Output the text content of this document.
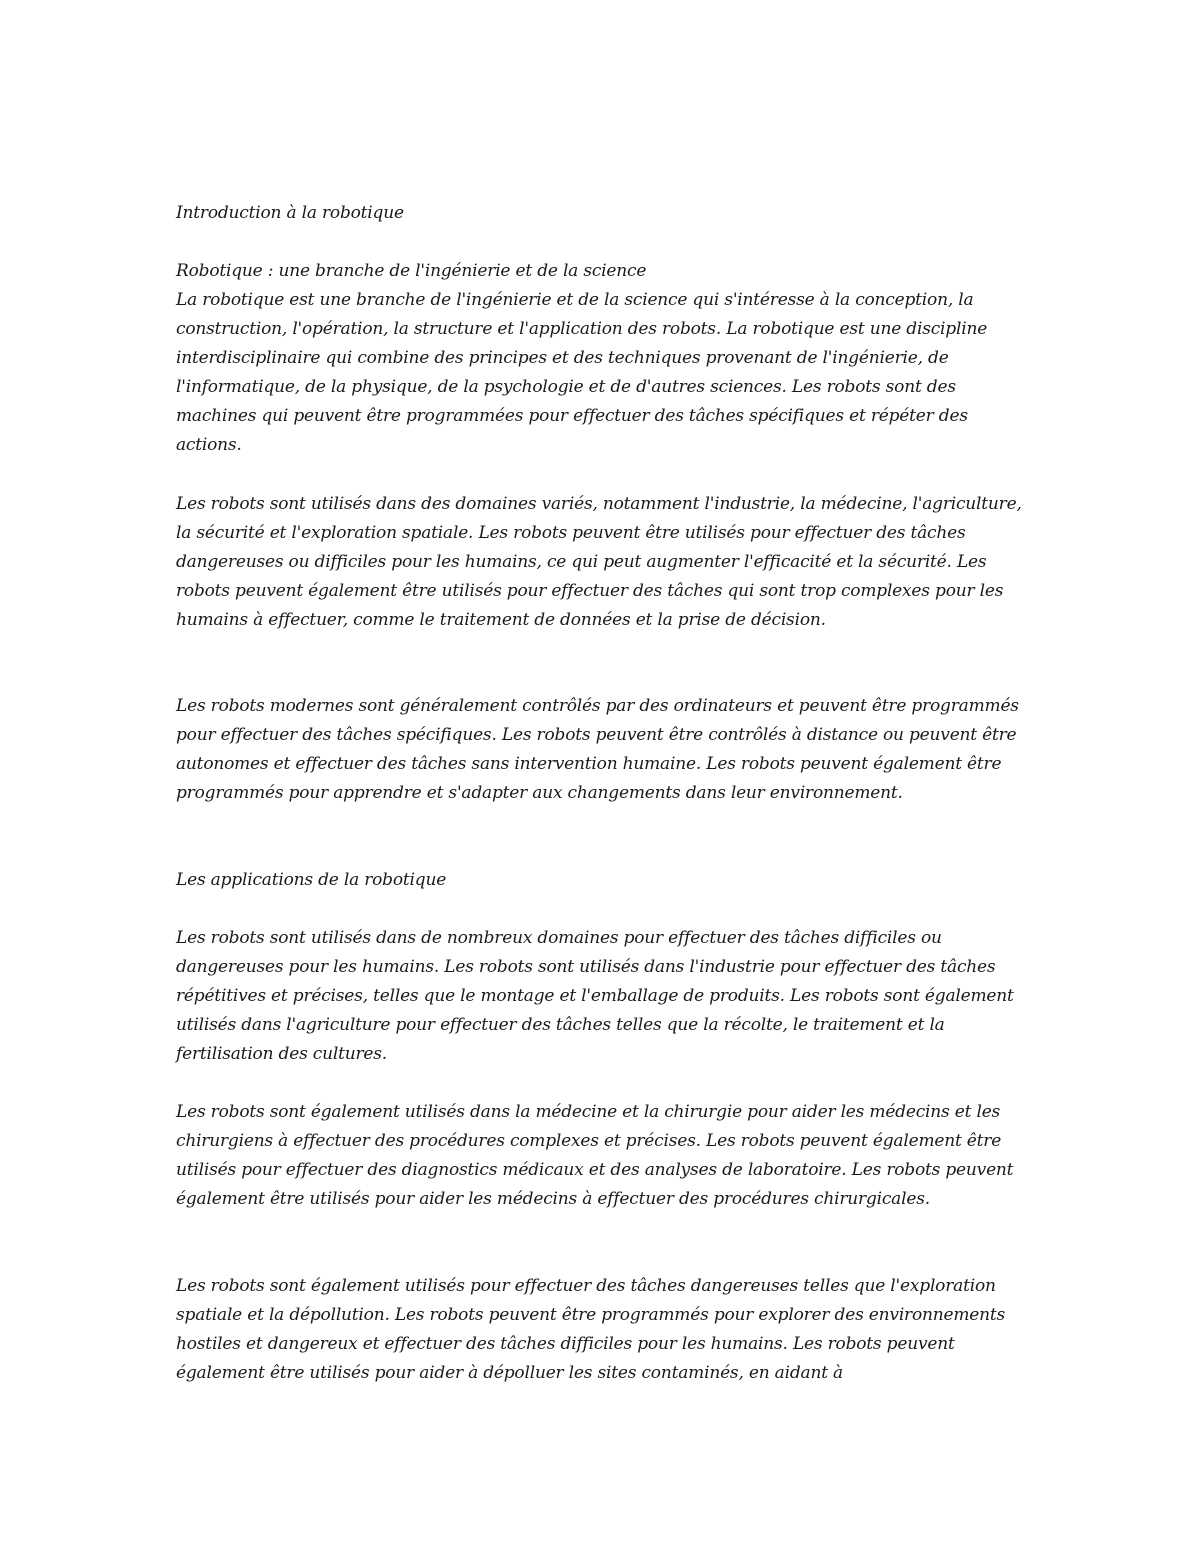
Introduction à la robotique

Robotique : une branche de l'ingénierie et de la science

La robotique est une branche de l'ingénierie et de la science qui s'intéresse à la conception, la construction, l'opération, la structure et l'application des robots. La robotique est une discipline interdisciplinaire qui combine des principes et des techniques provenant de l'ingénierie, de l'informatique, de la physique, de la psychologie et de d'autres sciences. Les robots sont des machines qui peuvent être programmées pour effectuer des tâches spécifiques et répéter des actions.

Les robots sont utilisés dans des domaines variés, notamment l'industrie, la médecine, l'agriculture, la sécurité et l'exploration spatiale. Les robots peuvent être utilisés pour effectuer des tâches dangereuses ou difficiles pour les humains, ce qui peut augmenter l'efficacité et la sécurité. Les robots peuvent également être utilisés pour effectuer des tâches qui sont trop complexes pour les humains à effectuer, comme le traitement de données et la prise de décision.

Les robots modernes sont généralement contrôlés par des ordinateurs et peuvent être programmés pour effectuer des tâches spécifiques. Les robots peuvent être contrôlés à distance ou peuvent être autonomes et effectuer des tâches sans intervention humaine. Les robots peuvent également être programmés pour apprendre et s'adapter aux changements dans leur environnement.

Les applications de la robotique

Les robots sont utilisés dans de nombreux domaines pour effectuer des tâches difficiles ou dangereuses pour les humains. Les robots sont utilisés dans l'industrie pour effectuer des tâches répétitives et précises, telles que le montage et l'emballage de produits. Les robots sont également utilisés dans l'agriculture pour effectuer des tâches telles que la récolte, le traitement et la fertilisation des cultures.

Les robots sont également utilisés dans la médecine et la chirurgie pour aider les médecins et les chirurgiens à effectuer des procédures complexes et précises. Les robots peuvent également être utilisés pour effectuer des diagnostics médicaux et des analyses de laboratoire. Les robots peuvent également être utilisés pour aider les médecins à effectuer des procédures chirurgicales.

Les robots sont également utilisés pour effectuer des tâches dangereuses telles que l'exploration spatiale et la dépollution. Les robots peuvent être programmés pour explorer des environnements hostiles et dangereux et effectuer des tâches difficiles pour les humains. Les robots peuvent également être utilisés pour aider à dépolluer les sites contaminés, en aidant à
